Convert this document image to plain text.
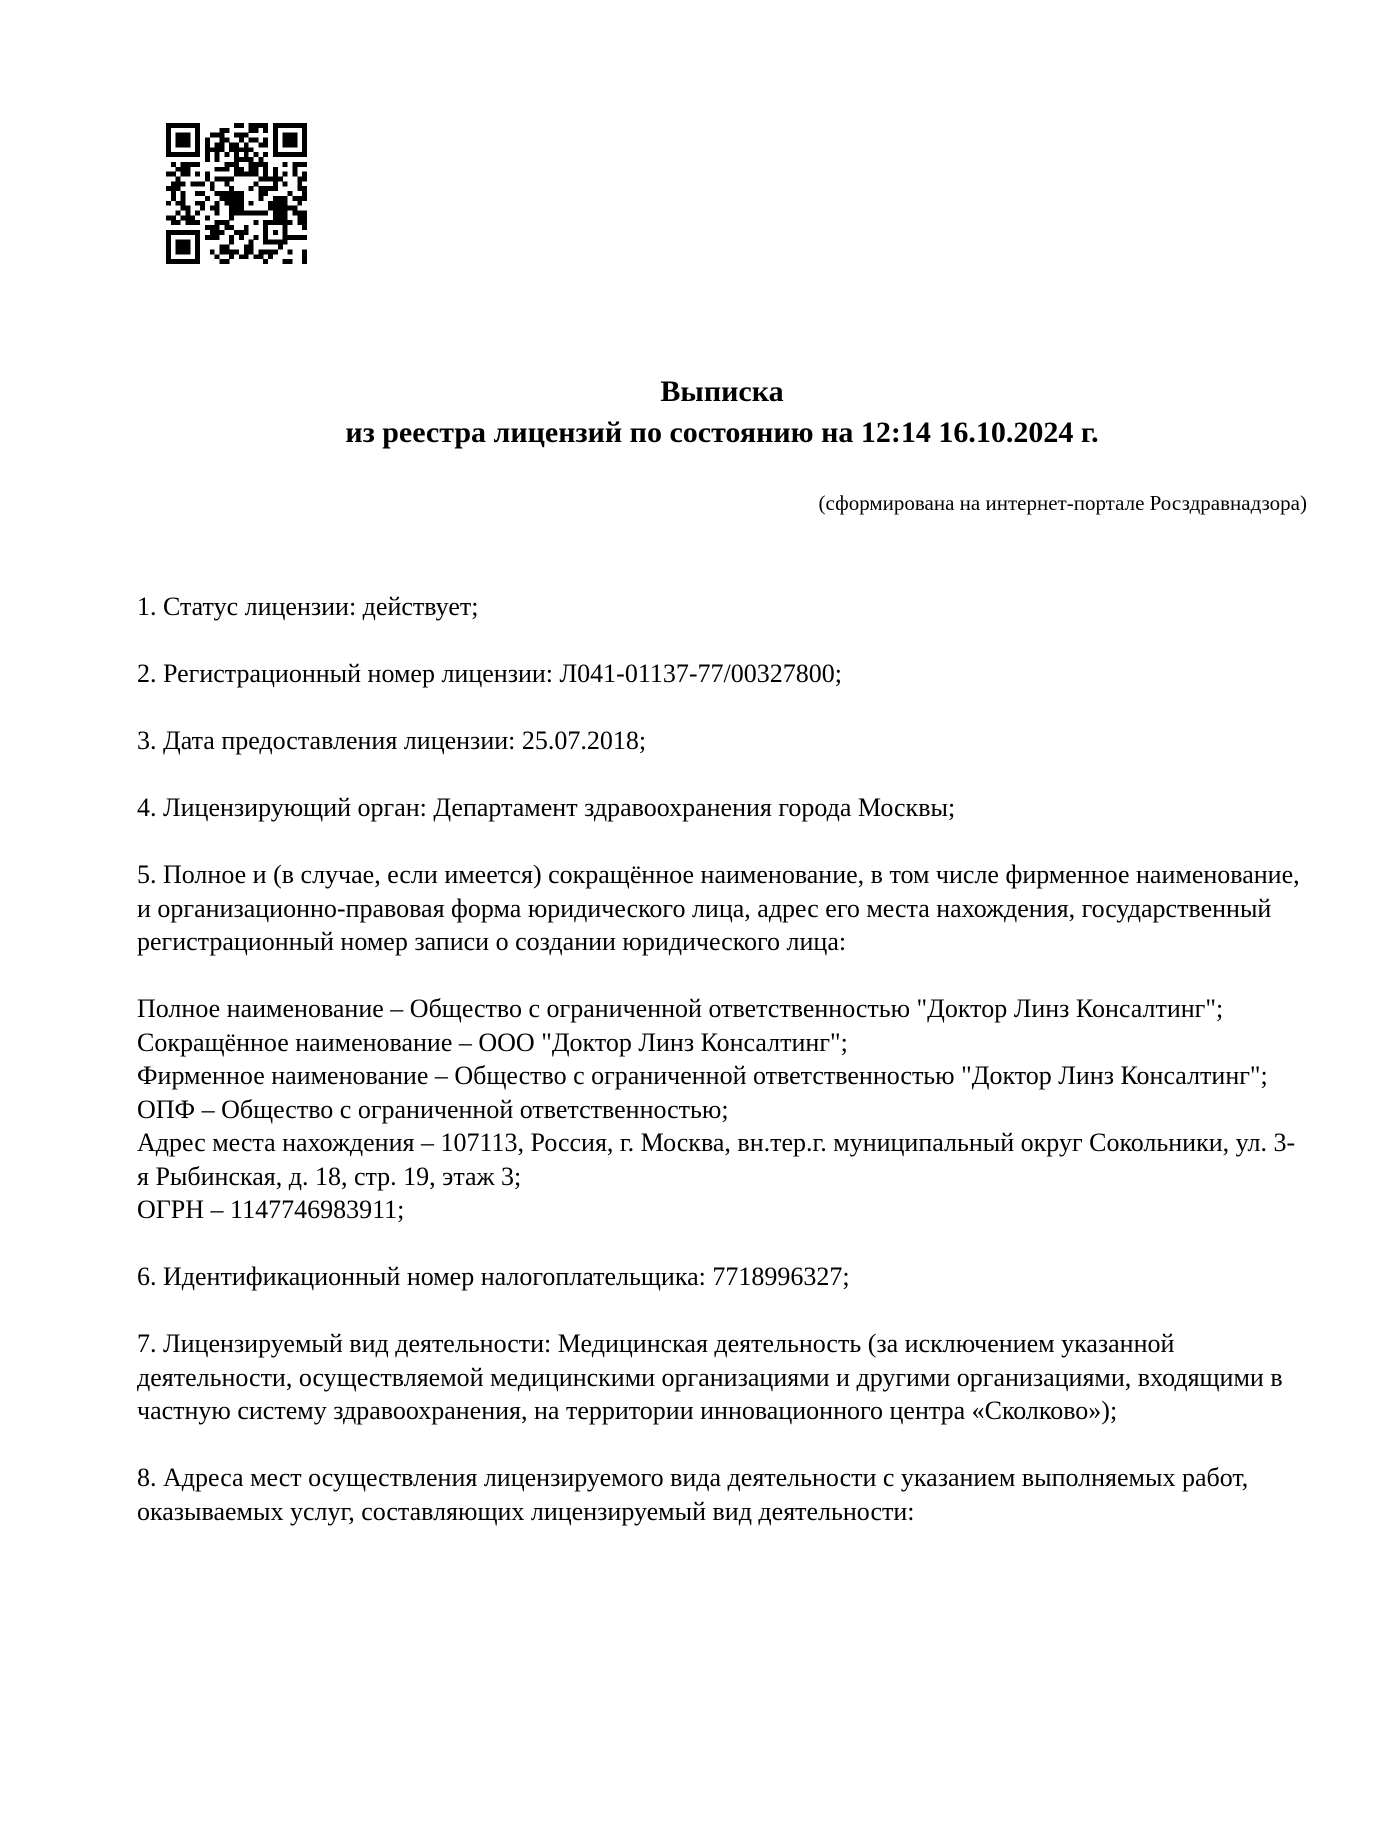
Выписка
из реестра лицензий по состоянию на 12:14 16.10.2024 г.
(сформирована на интернет-портале Росздравнадзора)

1. Статус лицензии: действует;

2. Регистрационный номер лицензии: Л041-01137-77/00327800;

3. Дата предоставления лицензии: 25.07.2018;

4. Лицензирующий орган: Департамент здравоохранения города Москвы;

5. Полное и (в случае, если имеется) сокращённое наименование, в том числе фирменное наименование, и организационно-правовая форма юридического лица, адрес его места нахождения, государственный регистрационный номер записи о создании юридического лица:

Полное наименование – Общество с ограниченной ответственностью "Доктор Линз Консалтинг";
Сокращённое наименование – ООО "Доктор Линз Консалтинг";
Фирменное наименование – Общество с ограниченной ответственностью "Доктор Линз Консалтинг";
ОПФ – Общество с ограниченной ответственностью;
Адрес места нахождения – 107113, Россия, г. Москва, вн.тер.г. муниципальный округ Сокольники, ул. 3-я Рыбинская, д. 18, стр. 19, этаж 3;
ОГРН – 1147746983911;

6. Идентификационный номер налогоплательщика: 7718996327;

7. Лицензируемый вид деятельности: Медицинская деятельность (за исключением указанной деятельности, осуществляемой медицинскими организациями и другими организациями, входящими в частную систему здравоохранения, на территории инновационного центра «Сколково»);

8. Адреса мест осуществления лицензируемого вида деятельности с указанием выполняемых работ, оказываемых услуг, составляющих лицензируемый вид деятельности:
